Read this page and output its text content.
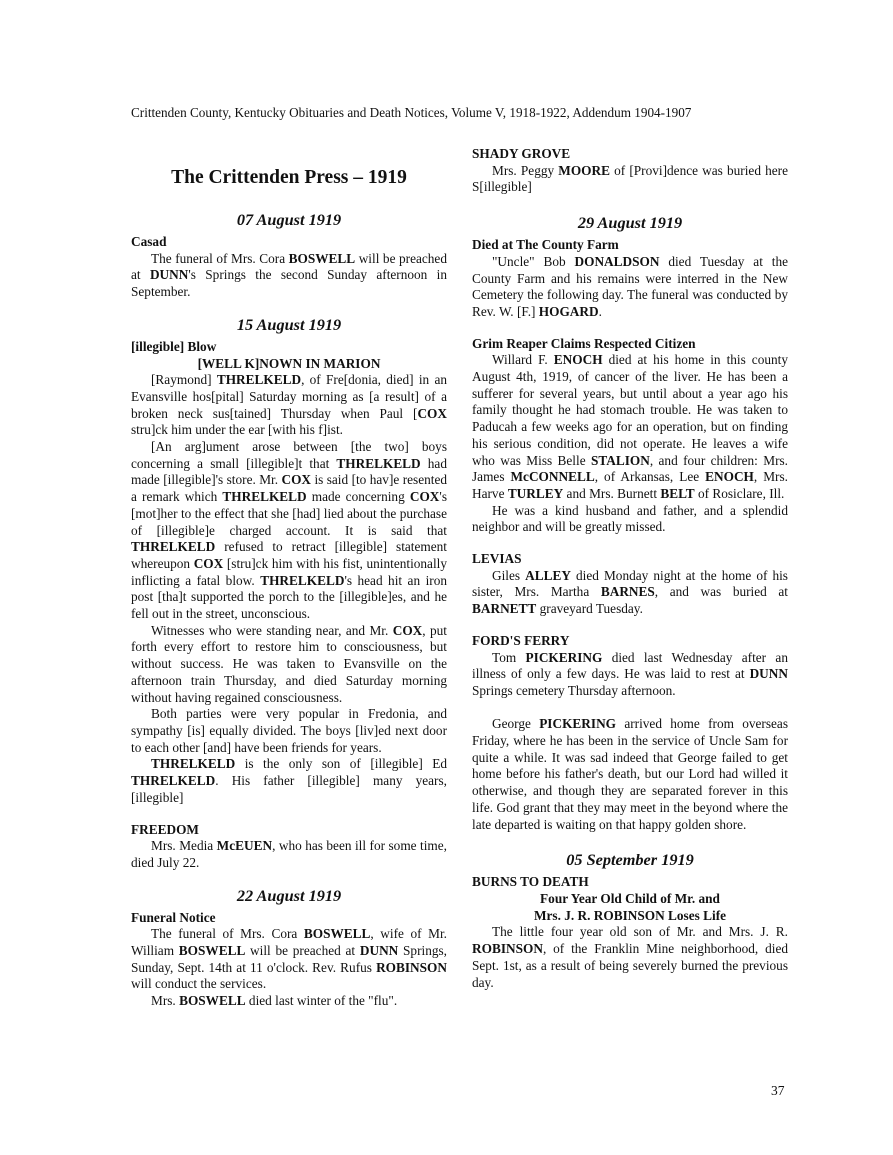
Crittenden County, Kentucky Obituaries and Death Notices, Volume V, 1918-1922, Addendum 1904-1907
The Crittenden Press – 1919
07 August 1919

Casad

The funeral of Mrs. Cora BOSWELL will be preached at DUNN's Springs the second Sunday afternoon in September.

15 August 1919

[illegible] Blow

[WELL K]NOWN IN MARION

[Raymond] THRELKELD, of Fre[donia, died] in an Evansville hos[pital] Saturday morning as [a result] of a broken neck sus[tained] Thursday when Paul [COX stru]ck him under the ear [with his f]ist.

[An arg]ument arose between [the two] boys concerning a small [illegible]t that THRELKELD had made [illegible]'s store. Mr. COX is said [to hav]e resented a remark which THRELKELD made concerning COX's [mot]her to the effect that she [had] lied about the purchase of [illegible]e charged account. It is said that THRELKELD refused to retract [illegible] statement whereupon COX [stru]ck him with his fist, unintentionally inflicting a fatal blow. THRELKELD's head hit an iron post [tha]t supported the porch to the [illegible]es, and he fell out in the street, unconscious.

Witnesses who were standing near, and Mr. COX, put forth every effort to restore him to consciousness, but without success. He was taken to Evansville on the afternoon train Thursday, and died Saturday morning without having regained consciousness.

Both parties were very popular in Fredonia, and sympathy [is] equally divided. The boys [liv]ed next door to each other [and] have been friends for years.

THRELKELD is the only son of [illegible] Ed THRELKELD. His father [illegible] many years, [illegible]

FREEDOM

Mrs. Media McEUEN, who has been ill for some time, died July 22.

22 August 1919

Funeral Notice

The funeral of Mrs. Cora BOSWELL, wife of Mr. William BOSWELL will be preached at DUNN Springs, Sunday, Sept. 14th at 11 o'clock. Rev. Rufus ROBINSON will conduct the services.

Mrs. BOSWELL died last winter of the "flu".

SHADY GROVE

Mrs. Peggy MOORE of [Provi]dence was buried here S[illegible]

29 August 1919

Died at The County Farm

"Uncle" Bob DONALDSON died Tuesday at the County Farm and his remains were interred in the New Cemetery the following day. The funeral was conducted by Rev. W. [F.] HOGARD.

Grim Reaper Claims Respected Citizen

Willard F. ENOCH died at his home in this county August 4th, 1919, of cancer of the liver. He has been a sufferer for several years, but until about a year ago his family thought he had stomach trouble. He was taken to Paducah a few weeks ago for an operation, but on finding his serious condition, did not operate. He leaves a wife who was Miss Belle STALION, and four children: Mrs. James McCONNELL, of Arkansas, Lee ENOCH, Mrs. Harve TURLEY and Mrs. Burnett BELT of Rosiclare, Ill.

He was a kind husband and father, and a splendid neighbor and will be greatly missed.

LEVIAS

Giles ALLEY died Monday night at the home of his sister, Mrs. Martha BARNES, and was buried at BARNETT graveyard Tuesday.

FORD'S FERRY

Tom PICKERING died last Wednesday after an illness of only a few days. He was laid to rest at DUNN Springs cemetery Thursday afternoon.

George PICKERING arrived home from overseas Friday, where he has been in the service of Uncle Sam for quite a while. It was sad indeed that George failed to get home before his father's death, but our Lord had willed it otherwise, and though they are separated forever in this life. God grant that they may meet in the beyond where the late departed is waiting on that happy golden shore.

05 September 1919

BURNS TO DEATH

Four Year Old Child of Mr. and

Mrs. J. R. ROBINSON Loses Life

The little four year old son of Mr. and Mrs. J. R. ROBINSON, of the Franklin Mine neighborhood, died Sept. 1st, as a result of being severely burned the previous day.

37
